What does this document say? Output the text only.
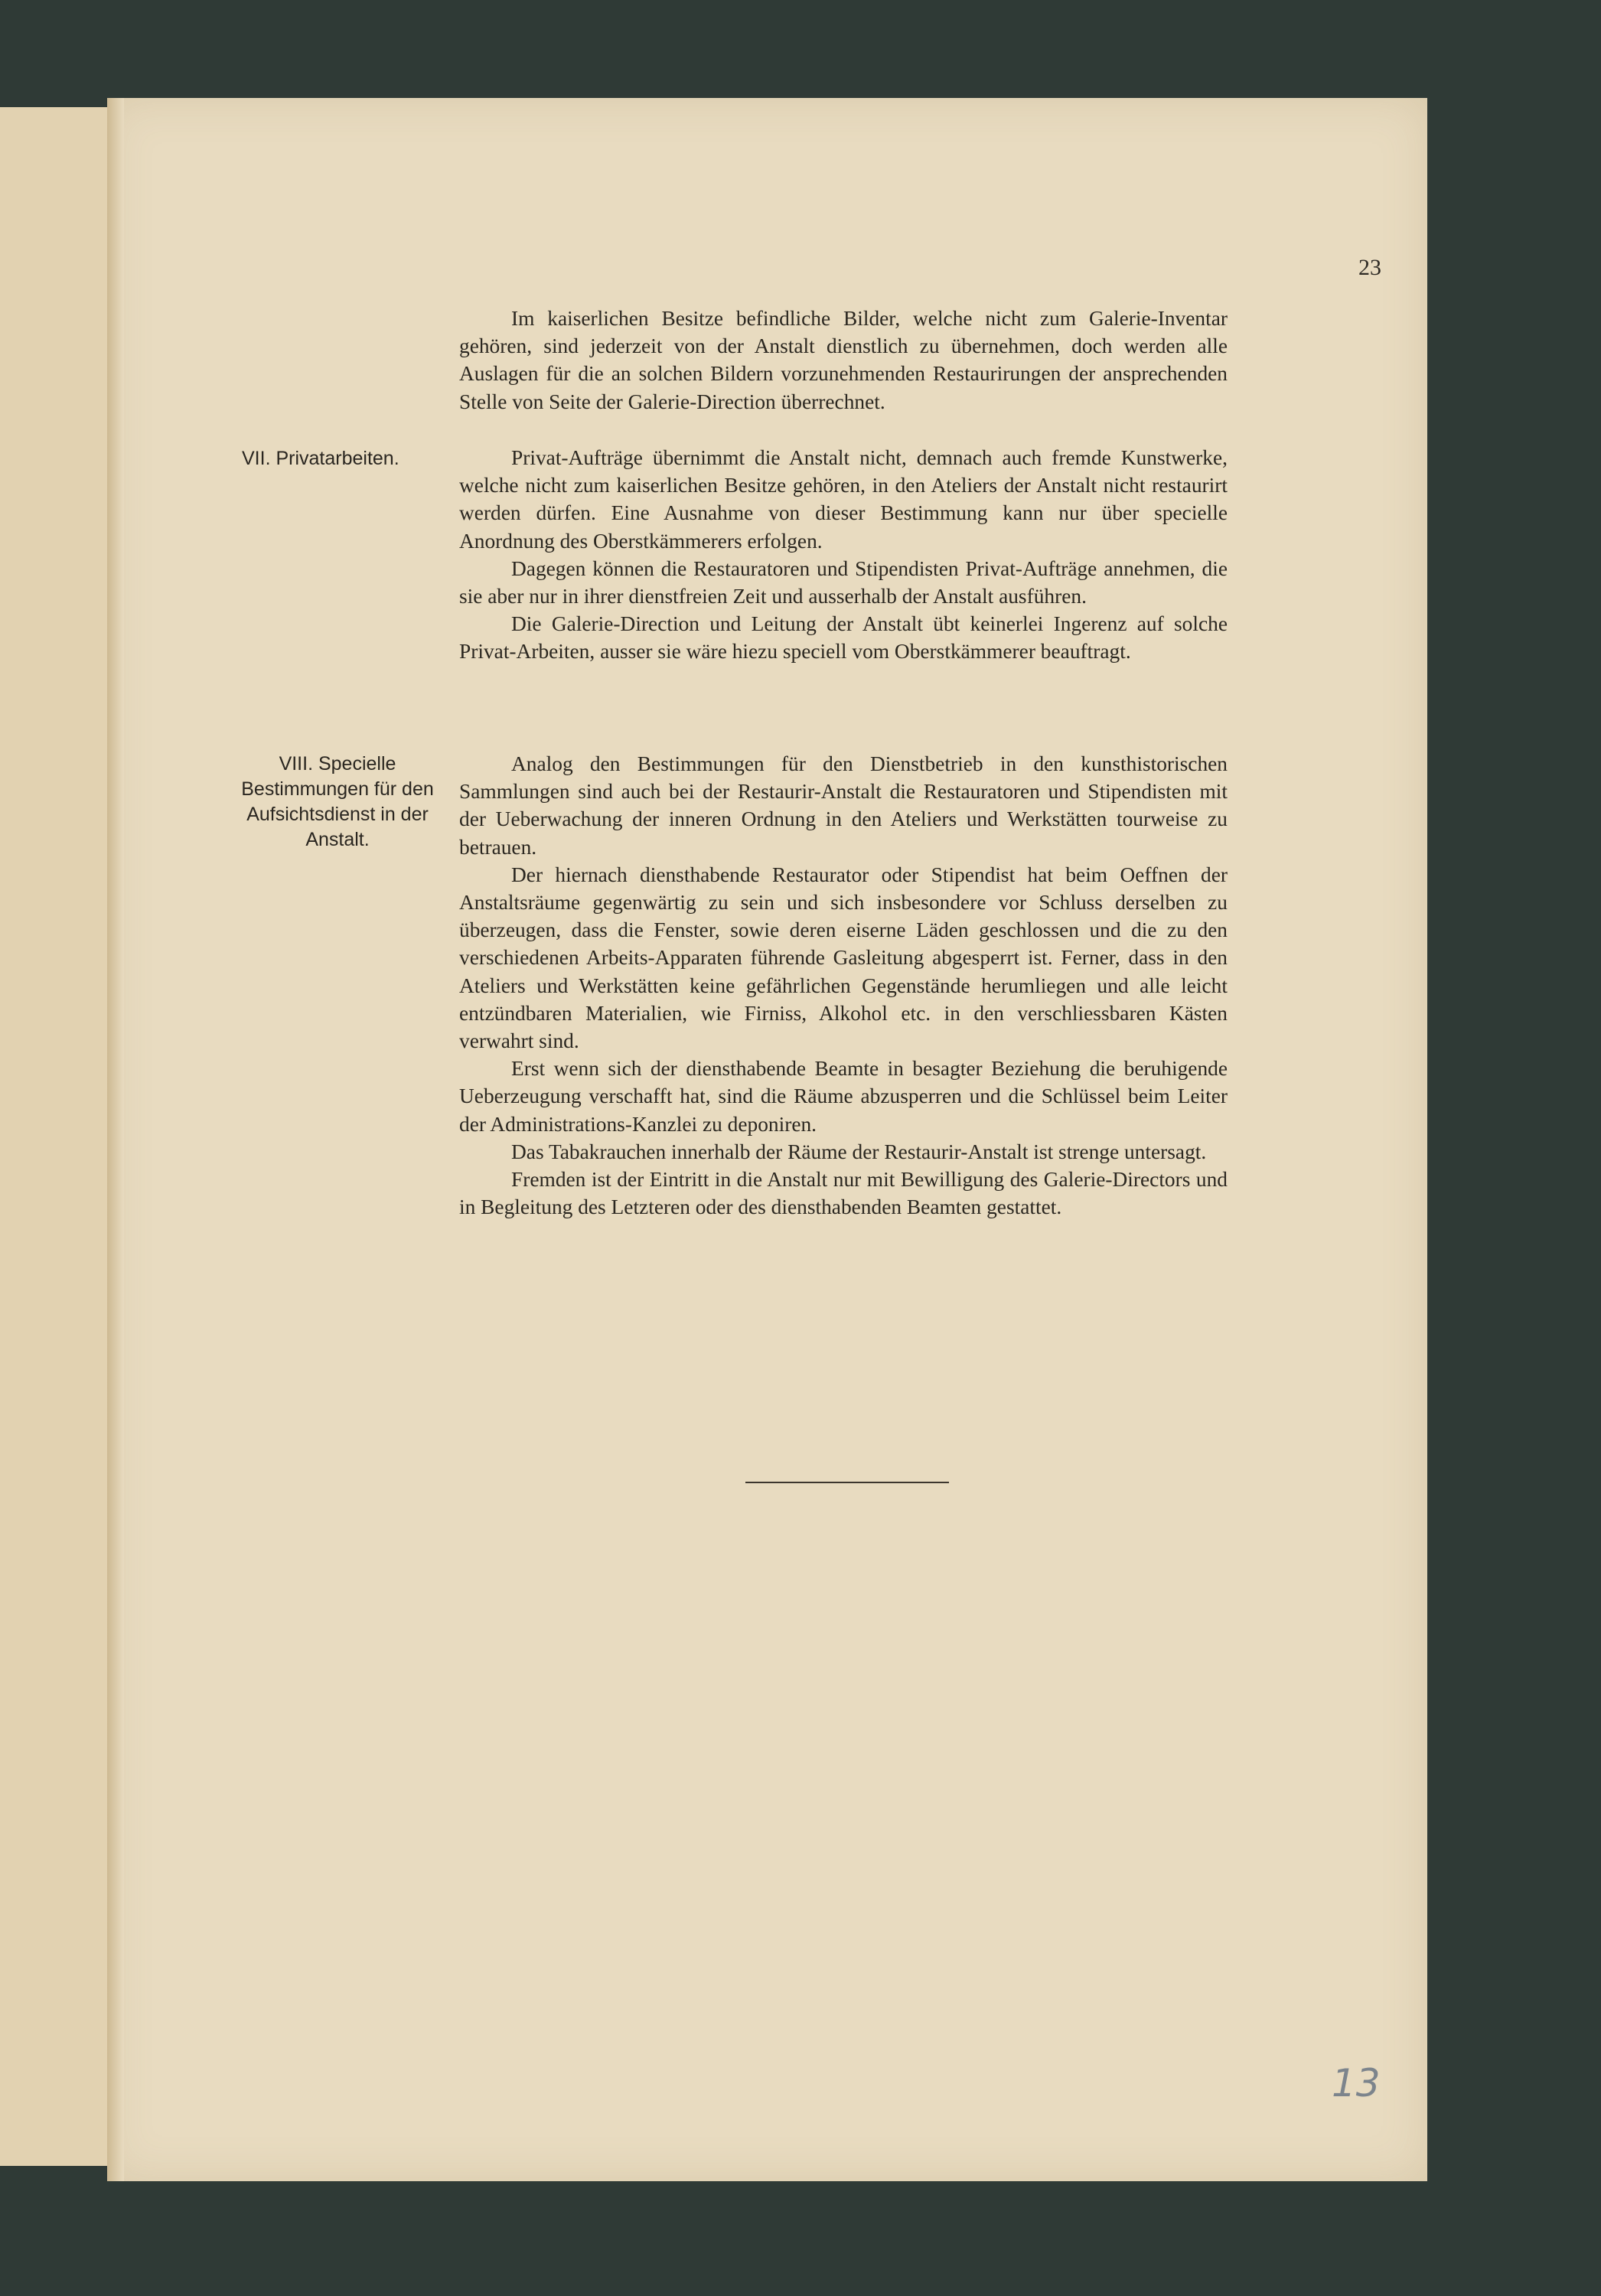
23

Im kaiserlichen Besitze befindliche Bilder, welche nicht zum Galerie-Inventar gehören, sind jederzeit von der Anstalt dienstlich zu übernehmen, doch werden alle Auslagen für die an solchen Bildern vorzunehmenden Restaurirungen der ansprechenden Stelle von Seite der Galerie-Direction überrechnet.

VII. Privatarbeiten.	Privat-Aufträge übernimmt die Anstalt nicht, demnach auch fremde Kunstwerke, welche nicht zum kaiserlichen Besitze gehören, in den Ateliers der Anstalt nicht restaurirt werden dürfen. Eine Ausnahme von dieser Bestimmung kann nur über specielle Anordnung des Oberstkämmerers erfolgen.

Dagegen können die Restauratoren und Stipendisten Privat-Aufträge annehmen, die sie aber nur in ihrer dienstfreien Zeit und ausserhalb der Anstalt ausführen.

Die Galerie-Direction und Leitung der Anstalt übt keinerlei Ingerenz auf solche Privat-Arbeiten, ausser sie wäre hiezu speciell vom Oberstkämmerer beauftragt.

VIII. Specielle Bestimmungen für den Aufsichtsdienst in der Anstalt.

Analog den Bestimmungen für den Dienstbetrieb in den kunsthistorischen Sammlungen sind auch bei der Restaurir-Anstalt die Restauratoren und Stipendisten mit der Ueberwachung der inneren Ordnung in den Ateliers und Werkstätten tourweise zu betrauen.

Der hiernach diensthabende Restaurator oder Stipendist hat beim Oeffnen der Anstaltsräume gegenwärtig zu sein und sich insbesondere vor Schluss derselben zu überzeugen, dass die Fenster, sowie deren eiserne Läden geschlossen und die zu den verschiedenen Arbeits-Apparaten führende Gasleitung abgesperrt ist. Ferner, dass in den Ateliers und Werkstätten keine gefährlichen Gegenstände herumliegen und alle leicht entzündbaren Materialien, wie Firniss, Alkohol etc. in den verschliessbaren Kästen verwahrt sind.

Erst wenn sich der diensthabende Beamte in besagter Beziehung die beruhigende Ueberzeugung verschafft hat, sind die Räume abzusperren und die Schlüssel beim Leiter der Administrations-Kanzlei zu deponiren.

Das Tabakrauchen innerhalb der Räume der Restaurir-Anstalt ist strenge untersagt.

Fremden ist der Eintritt in die Anstalt nur mit Bewilligung des Galerie-Directors und in Begleitung des Letzteren oder des diensthabenden Beamten gestattet.

13
